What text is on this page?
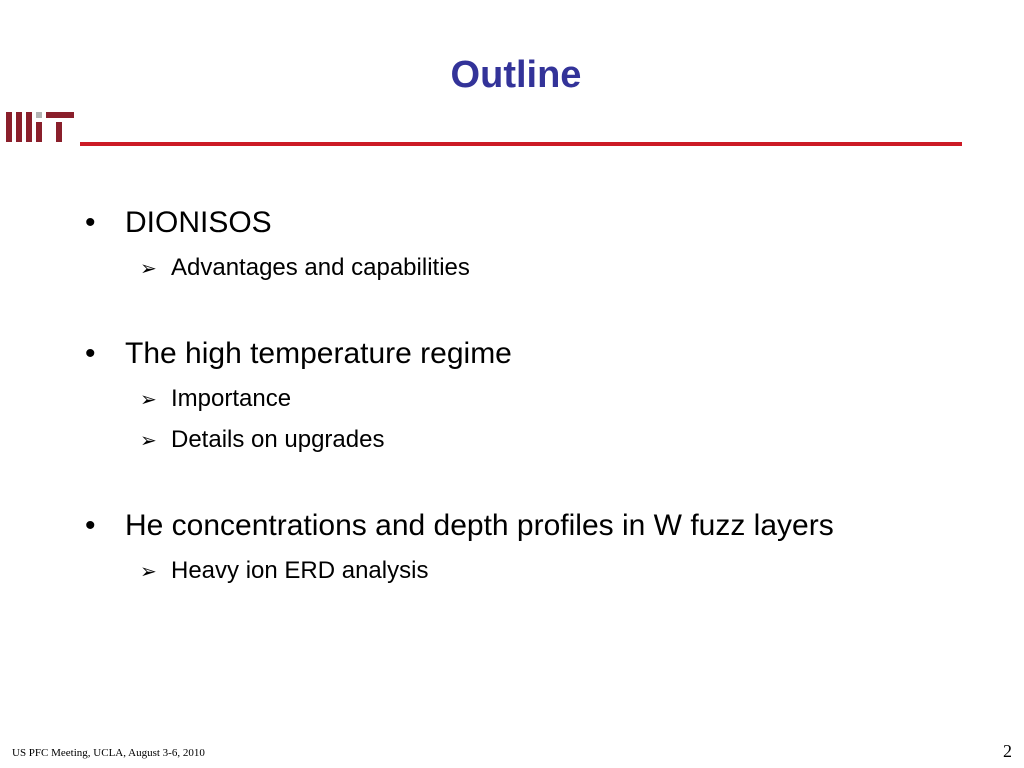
Outline
• DIONISOS
➢ Advantages and capabilities
• The high temperature regime
➢ Importance
➢ Details on upgrades
• He concentrations and depth profiles in W fuzz layers
➢ Heavy ion ERD analysis
US PFC Meeting, UCLA, August 3-6, 2010	2
